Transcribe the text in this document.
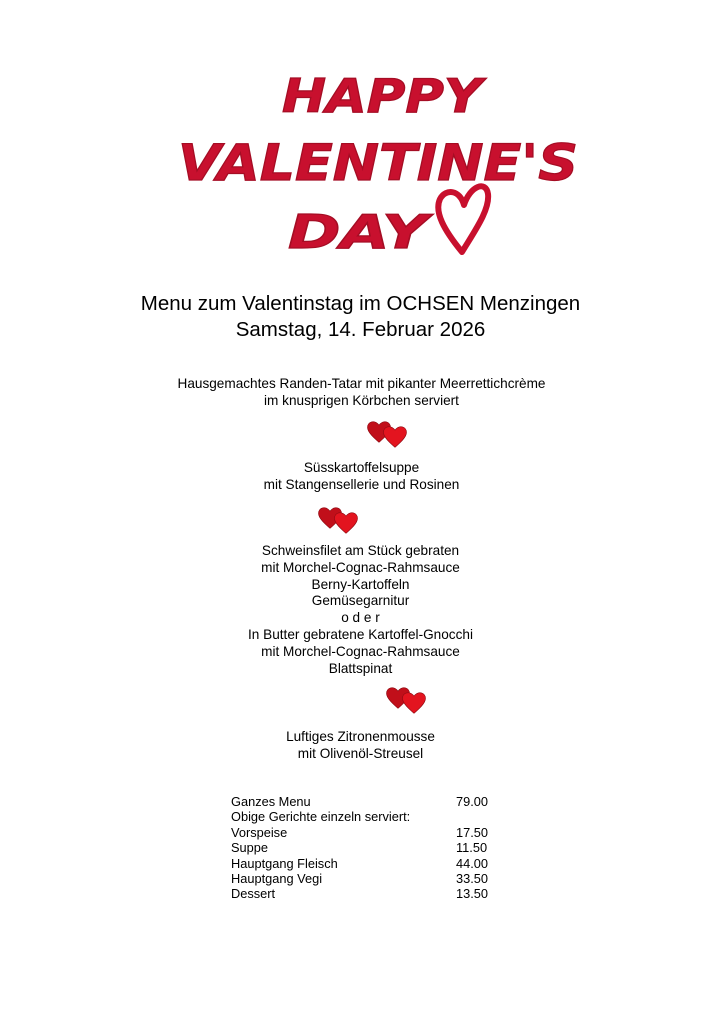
HAPPY
VALENTINE'S
DAY
Menu zum Valentinstag im OCHSEN Menzingen
Samstag, 14. Februar 2026
Hausgemachtes Randen-Tatar mit pikanter Meerrettichcrème
im knusprigen Körbchen serviert
Süsskartoffelsuppe
mit Stangensellerie und Rosinen
Schweinsfilet am Stück gebraten
mit Morchel-Cognac-Rahmsauce
Berny-Kartoffeln
Gemüsegarnitur
o d e r
In Butter gebratene Kartoffel-Gnocchi
mit Morchel-Cognac-Rahmsauce
Blattspinat
Luftiges Zitronenmousse
mit Olivenöl-Streusel
Ganzes Menu	79.00
Obige Gerichte einzeln serviert:
Vorspeise	17.50
Suppe	11.50
Hauptgang Fleisch	44.00
Hauptgang Vegi	33.50
Dessert	13.50
